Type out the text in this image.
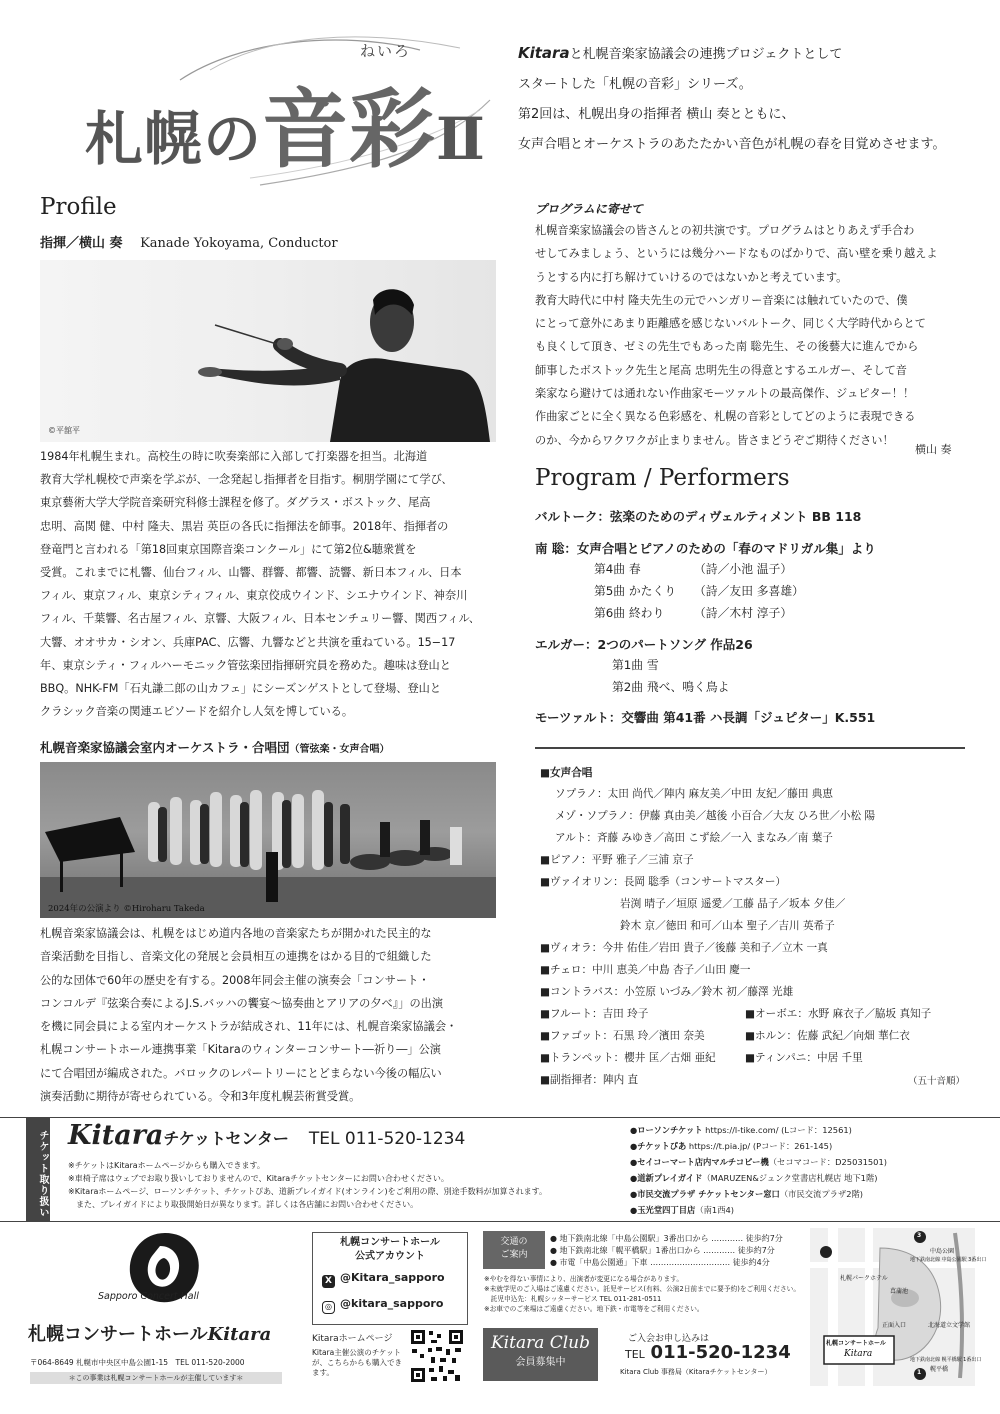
ねいろ
札幌の音彩Ⅱ
Kitaraと札幌音楽家協議会の連携プロジェクトとして
スタートした「札幌の音彩」シリーズ。
第2回は、札幌出身の指揮者 横山 奏とともに、
女声合唱とオーケストラのあたたかい音色が札幌の春を目覚めさせます。
Profile
指揮／横山 奏　 Kanade Yokoyama, Conductor
©平舘平
1984年札幌生まれ。高校生の時に吹奏楽部に入部して打楽器を担当。北海道
教育大学札幌校で声楽を学ぶが、一念発起し指揮者を目指す。桐朋学園にて学び、
東京藝術大学大学院音楽研究科修士課程を修了。ダグラス・ボストック、尾高
忠明、高関 健、中村 隆夫、黒岩 英臣の各氏に指揮法を師事。2018年、指揮者の
登竜門と言われる「第18回東京国際音楽コンクール」にて第2位&聴衆賞を
受賞。これまでに札響、仙台フィル、山響、群響、都響、読響、新日本フィル、日本
フィル、東京フィル、東京シティフィル、東京佼成ウインド、シエナウインド、神奈川
フィル、千葉響、名古屋フィル、京響、大阪フィル、日本センチュリー響、関西フィル、
大響、オオサカ・シオン、兵庫PAC、広響、九響などと共演を重ねている。15−17
年、東京シティ・フィルハーモニック管弦楽団指揮研究員を務めた。趣味は登山と
BBQ。NHK-FM「石丸謙二郎の山カフェ」にシーズンゲストとして登場、登山と
クラシック音楽の関連エピソードを紹介し人気を博している。
札幌音楽家協議会室内オーケストラ・合唱団（管弦楽・女声合唱）
2024年の公演より ©Hiroharu Takeda
札幌音楽家協議会は、札幌をはじめ道内各地の音楽家たちが開かれた民主的な
音楽活動を目指し、音楽文化の発展と会員相互の連携をはかる目的で組織した
公的な団体で60年の歴史を有する。2008年同会主催の演奏会「コンサート・
コンコルデ『弦楽合奏によるJ.S.バッハの饗宴〜協奏曲とアリアの夕べ』」の出演
を機に同会員による室内オーケストラが結成され、11年には、札幌音楽家協議会・
札幌コンサートホール連携事業「Kitaraのウィンターコンサート―祈り―」公演
にて合唱団が編成された。バロックのレパートリーにとどまらない今後の幅広い
演奏活動に期待が寄せられている。令和3年度札幌芸術賞受賞。
プログラムに寄せて
札幌音楽家協議会の皆さんとの初共演です。プログラムはとりあえず手合わ
せしてみましょう、というには幾分ハードなものばかりで、高い壁を乗り越えよ
うとする内に打ち解けていけるのではないかと考えています。
教育大時代に中村 隆夫先生の元でハンガリー音楽には触れていたので、僕
にとって意外にあまり距離感を感じないバルトーク、同じく大学時代からとて
も良くして頂き、ゼミの先生でもあった南 聡先生、その後藝大に進んでから
師事したボストック先生と尾高 忠明先生の得意とするエルガー、そして音
楽家なら避けては通れない作曲家モーツァルトの最高傑作、ジュピター！！
作曲家ごとに全く異なる色彩感を、札幌の音彩としてどのように表現できる
のか、今からワクワクが止まりません。皆さまどうぞご期待ください！
横山 奏
Program / Performers
バルトーク：弦楽のためのディヴェルティメント BB 118
南 聡：女声合唱とピアノのための「春のマドリガル集」より
第4曲 春	（詩／小池 温子）
第5曲 かたくり （詩／友田 多喜雄）
第6曲 終わり	（詩／木村 淳子）
エルガー：2つのパートソング 作品26
第1曲 雪
第2曲 飛べ、鳴く鳥よ
モーツァルト：交響曲 第41番 ハ長調「ジュピター」K.551
■女声合唱
ソプラノ：太田 尚代／陣内 麻友美／中田 友紀／藤田 典恵
メゾ・ソプラノ：伊藤 真由美／越後 小百合／大友 ひろ世／小松 陽
アルト：斉藤 みゆき／高田 こず絵／一入 まなみ／南 葉子
■ピアノ：平野 雅子／三浦 京子
■ヴァイオリン：長岡 聡季（コンサートマスター）
岩渕 晴子／垣原 遥愛／工藤 晶子／坂本 夕佳／
鈴木 京／徳田 和可／山本 聖子／吉川 英希子
■ヴィオラ：今井 佑佳／岩田 貴子／後藤 美和子／立木 一真
■チェロ：中川 恵美／中島 杏子／山田 慶一
■コントラバス：小笠原 いづみ／鈴木 初／藤澤 光雄
■フルート：吉田 玲子	■オーボエ：水野 麻衣子／脇坂 真知子
■ファゴット：石黒 玲／濱田 奈美	■ホルン：佐藤 武紀／向畑 華仁衣
■トランペット：櫻井 匡／古畑 亜紀	■ティンパニ：中居 千里
■副指揮者：陣内 直	（五十音順）
チケット取り扱い Kitaraチケットセンター TEL 011-520-1234
※チケットはKitaraホームページからも購入できます。
※車椅子席はウェブでお取り扱いしておりませんので、Kitaraチケットセンターにお問い合わせください。
※Kitaraホームページ、ローソンチケット、チケットぴあ、道新プレイガイド(オンライン)をご利用の際、別途手数料が加算されます。
　また、プレイガイドにより取扱開始日が異なります。詳しくは各店舗にお問い合わせください。
●ローソンチケット https://l-tike.com/ (Lコード：12561)
●チケットぴあ https://t.pia.jp/ (Pコード：261-145)
●セイコーマート店内マルチコピー機（セコマコード：D25031501)
●道新プレイガイド（MARUZEN&ジュンク堂書店札幌店 地下1階)
●市民交流プラザ チケットセンター窓口（市民交流プラザ2階)
●玉光堂四丁目店（南1西4)
Sapporo Concert Hall
札幌コンサートホールKitara
〒064-8649 札幌市中央区中島公園1-15　TEL 011-520-2000
＊この事業は札幌コンサートホールが主催しています＊
札幌コンサートホール
公式アカウント
X @Kitara_sapporo
◎ @kitara_sapporo
Kitaraホームページ
Kitara主催公演のチケットが、こちらからも購入できます。
交通の
ご案内
● 地下鉄南北線「中島公園駅」3番出口から ………… 徒歩約7分
● 地下鉄南北線「幌平橋駅」1番出口から ………… 徒歩約7分
● 市電「中島公園通」下車 ………………………… 徒歩約4分
※やむを得ない事情により、出演者が変更になる場合があります。
※未就学児のご入場はご遠慮ください。託児サービス(有料、公演2日前までに要予約)をご利用ください。
　託児申込先：札幌シッターサービス TEL 011-281-0511
※お車でのご来場はご遠慮ください。地下鉄・市電等をご利用ください。
Kitara Club
会員募集中
ご入会お申し込みは
TEL 011-520-1234
Kitara Club 事務局（Kitaraチケットセンター）
3
1
札幌コンサートホール
Kitara
中島公園
幌平橋
菖蒲池
正面入口	北海道立文学館
札幌パークホテル
地下鉄南北線 中島公園駅 3番出口
地下鉄南北線 幌平橋駅 1番出口
